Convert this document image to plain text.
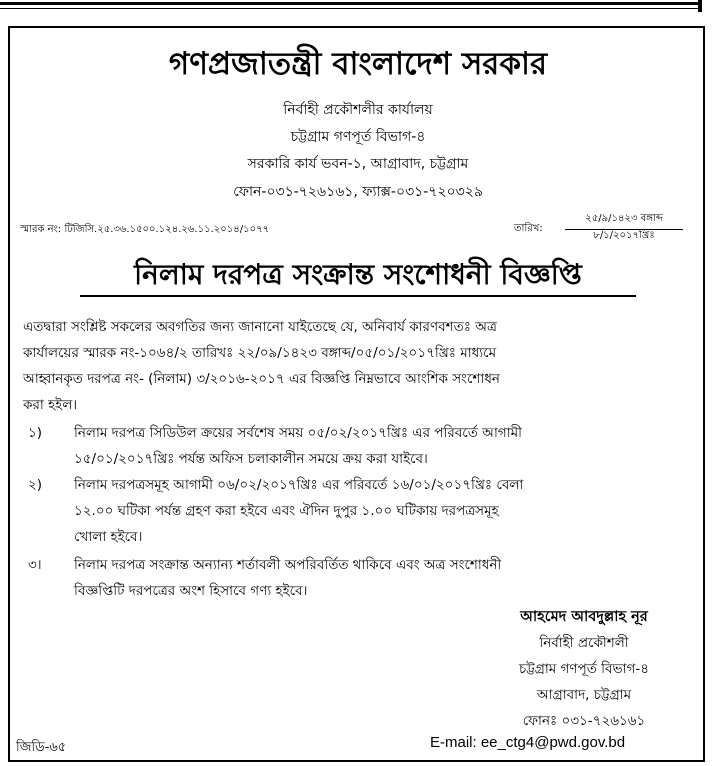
গণপ্রজাতন্ত্রী বাংলাদেশ সরকার
নির্বাহী প্রকৌশলীর কার্যালয়
চট্টগ্রাম গণপূর্ত বিভাগ-৪
সরকারি কার্য ভবন-১, আগ্রাবাদ, চট্টগ্রাম
ফোন-০৩১-৭২৬১৬১, ফ্যাক্স-০৩১-৭২০৩২৯
স্মারক নং: টিজিসি.২৫.৩৬.১৫০০.১২৪.২৬.১১.২০১৪/১০৭৭	তারিখ:
২৫/৯/১৪২৩ বঙ্গাব্দ
৮/১/২০১৭খ্রিঃ
নিলাম দরপত্র সংক্রান্ত সংশোধনী বিজ্ঞপ্তি
এতদ্বারা সংশ্লিষ্ট সকলের অবগতির জন্য জানানো যাইতেছে যে, অনিবার্য কারণবশতঃ অত্র
কার্যালয়ের স্মারক নং-১০৬৪/২ তারিখঃ ২২/০৯/১৪২৩ বঙ্গাব্দ/০৫/০১/২০১৭খ্রিঃ মাধ্যমে
আহ্বানকৃত দরপত্র নং- (নিলাম) ৩/২০১৬-২০১৭ এর বিজ্ঞপ্তি নিম্নভাবে আংশিক সংশোধন
করা হইল।
১) নিলাম দরপত্র সিডিউল ক্রয়ের সর্বশেষ সময় ০৫/০২/২০১৭খ্রিঃ এর পরিবর্তে আগামী
১৫/০১/২০১৭খ্রিঃ পর্যন্ত অফিস চলাকালীন সময়ে ক্রয় করা যাইবে।
২) নিলাম দরপত্রসমূহ আগামী ০৬/০২/২০১৭খ্রিঃ এর পরিবর্তে ১৬/০১/২০১৭খ্রিঃ বেলা
১২.০০ ঘটিকা পর্যন্ত গ্রহণ করা হইবে এবং ঐদিন দুপুর ১.০০ ঘটিকায় দরপত্রসমূহ
খোলা হইবে।
৩। নিলাম দরপত্র সংক্রান্ত অন্যান্য শর্তাবলী অপরিবর্তিত থাকিবে এবং অত্র সংশোধনী
বিজ্ঞপ্তিটি দরপত্রের অংশ হিসাবে গণ্য হইবে।
আহমেদ আবদুল্লাহ নূর
নির্বাহী প্রকৌশলী
চট্টগ্রাম গণপূর্ত বিভাগ-৪
আগ্রাবাদ, চট্টগ্রাম
ফোনঃ ০৩১-৭২৬১৬১
জিডি-৬৫	E-mail: ee_ctg4@pwd.gov.bd
